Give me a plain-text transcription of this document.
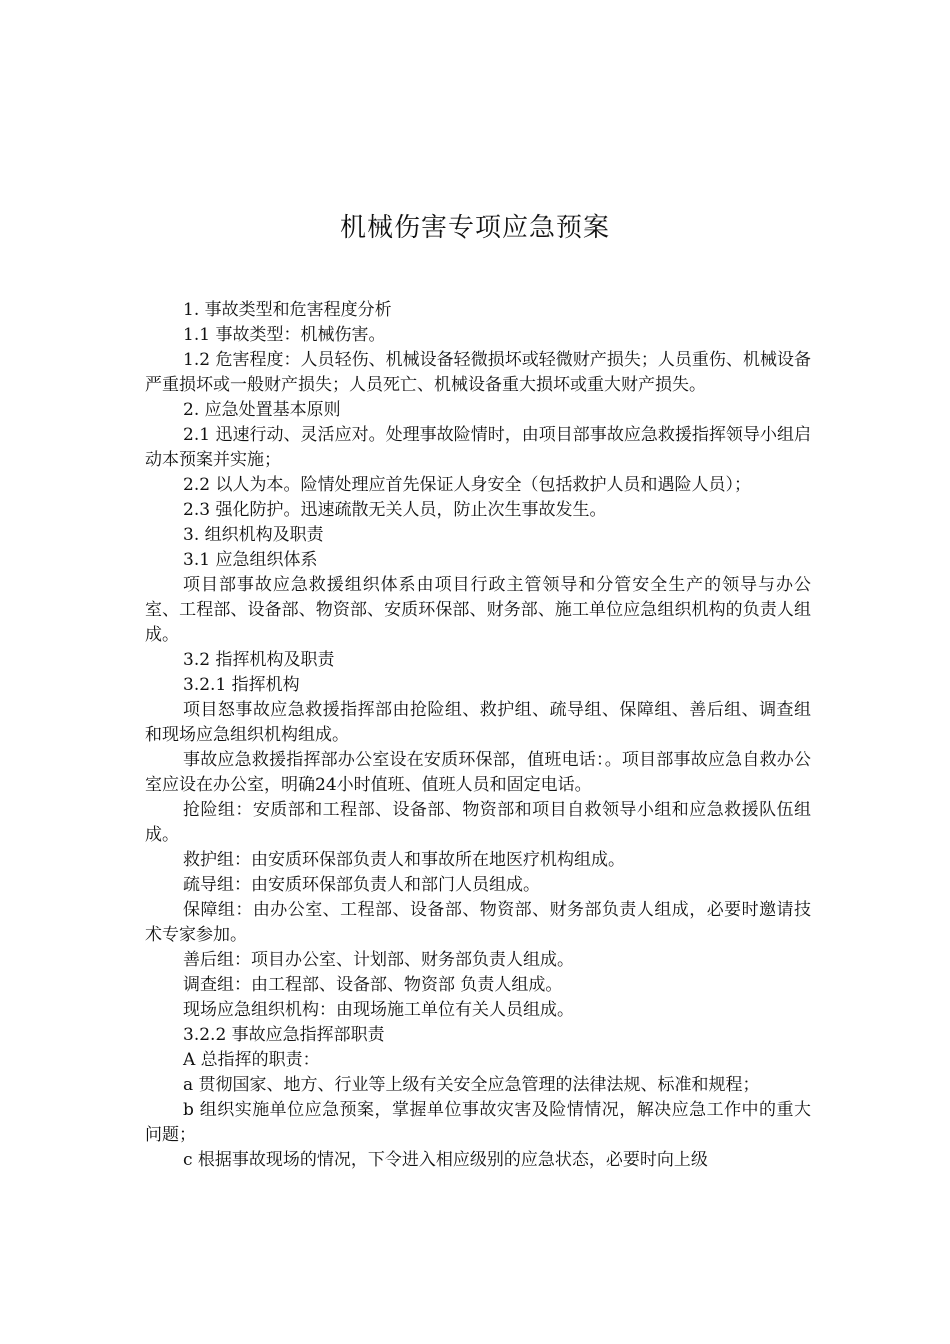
机械伤害专项应急预案

1. 事故类型和危害程度分析

1.1 事故类型：机械伤害。

1.2 危害程度：人员轻伤、机械设备轻微损坏或轻微财产损失；人员重伤、机械设备严重损坏或一般财产损失；人员死亡、机械设备重大损坏或重大财产损失。

2. 应急处置基本原则

2.1 迅速行动、灵活应对。处理事故险情时，由项目部事故应急救援指挥领导小组启动本预案并实施；

2.2 以人为本。险情处理应首先保证人身安全（包括救护人员和遇险人员）；

2.3 强化防护。迅速疏散无关人员，防止次生事故发生。

3. 组织机构及职责

3.1 应急组织体系

项目部事故应急救援组织体系由项目行政主管领导和分管安全生产的领导与办公室、工程部、设备部、物资部、安质环保部、财务部、施工单位应急组织机构的负责人组成。

3.2 指挥机构及职责

3.2.1 指挥机构

项目怒事故应急救援指挥部由抢险组、救护组、疏导组、保障组、善后组、调查组和现场应急组织机构组成。

事故应急救援指挥部办公室设在安质环保部，值班电话：。项目部事故应急自救办公室应设在办公室，明确24小时值班、值班人员和固定电话。

抢险组：安质部和工程部、设备部、物资部和项目自救领导小组和应急救援队伍组成。

救护组：由安质环保部负责人和事故所在地医疗机构组成。

疏导组：由安质环保部负责人和部门人员组成。

保障组：由办公室、工程部、设备部、物资部、财务部负责人组成，必要时邀请技术专家参加。

善后组：项目办公室、计划部、财务部负责人组成。

调查组：由工程部、设备部、物资部 负责人组成。

现场应急组织机构：由现场施工单位有关人员组成。

3.2.2 事故应急指挥部职责

A 总指挥的职责：

a 贯彻国家、地方、行业等上级有关安全应急管理的法律法规、标准和规程；

b 组织实施单位应急预案，掌握单位事故灾害及险情情况，解决应急工作中的重大问题；

c 根据事故现场的情况，下令进入相应级别的应急状态，必要时向上级
